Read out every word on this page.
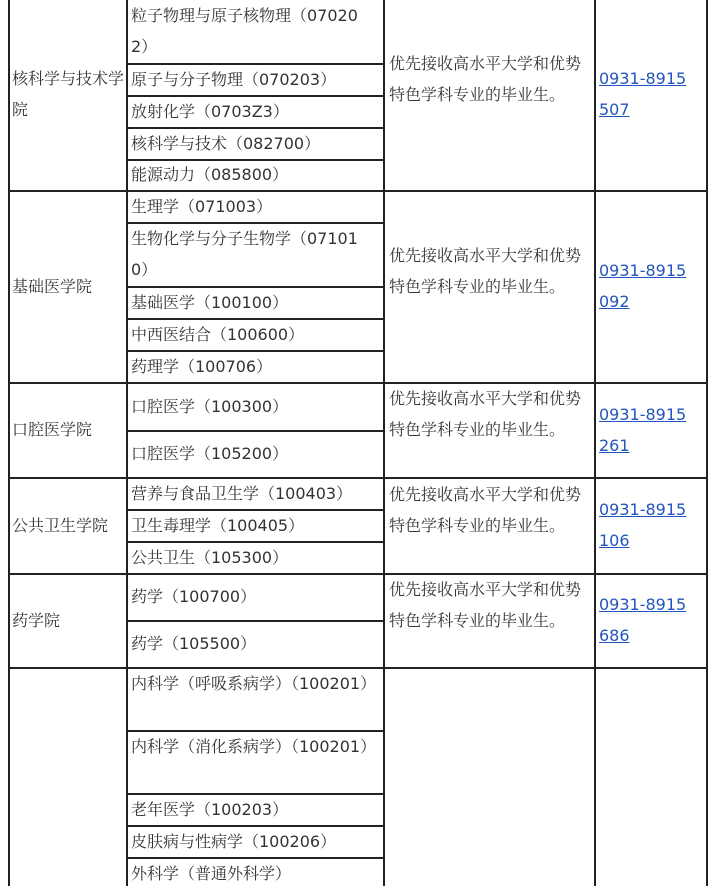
核科学与技术学院
粒子物理与原子核物理（070202）
原子与分子物理（070203）
放射化学（0703Z3）
核科学与技术（082700）
能源动力（085800）
优先接收高水平大学和优势特色学科专业的毕业生。
0931-8915507
基础医学院
生理学（071003）
生物化学与分子生物学（071010）
基础医学（100100）
中西医结合（100600）
药理学（100706）
优先接收高水平大学和优势特色学科专业的毕业生。
0931-8915092
口腔医学院
口腔医学（100300）
口腔医学（105200）
优先接收高水平大学和优势特色学科专业的毕业生。
0931-8915261
公共卫生学院
营养与食品卫生学（100403）
卫生毒理学（100405）
公共卫生（105300）
优先接收高水平大学和优势特色学科专业的毕业生。
0931-8915106
药学院
药学（100700）
药学（105500）
优先接收高水平大学和优势特色学科专业的毕业生。
0931-8915686
内科学（呼吸系病学）（100201）
内科学（消化系病学）（100201）
老年医学（100203）
皮肤病与性病学（100206）
外科学（普通外科学）
